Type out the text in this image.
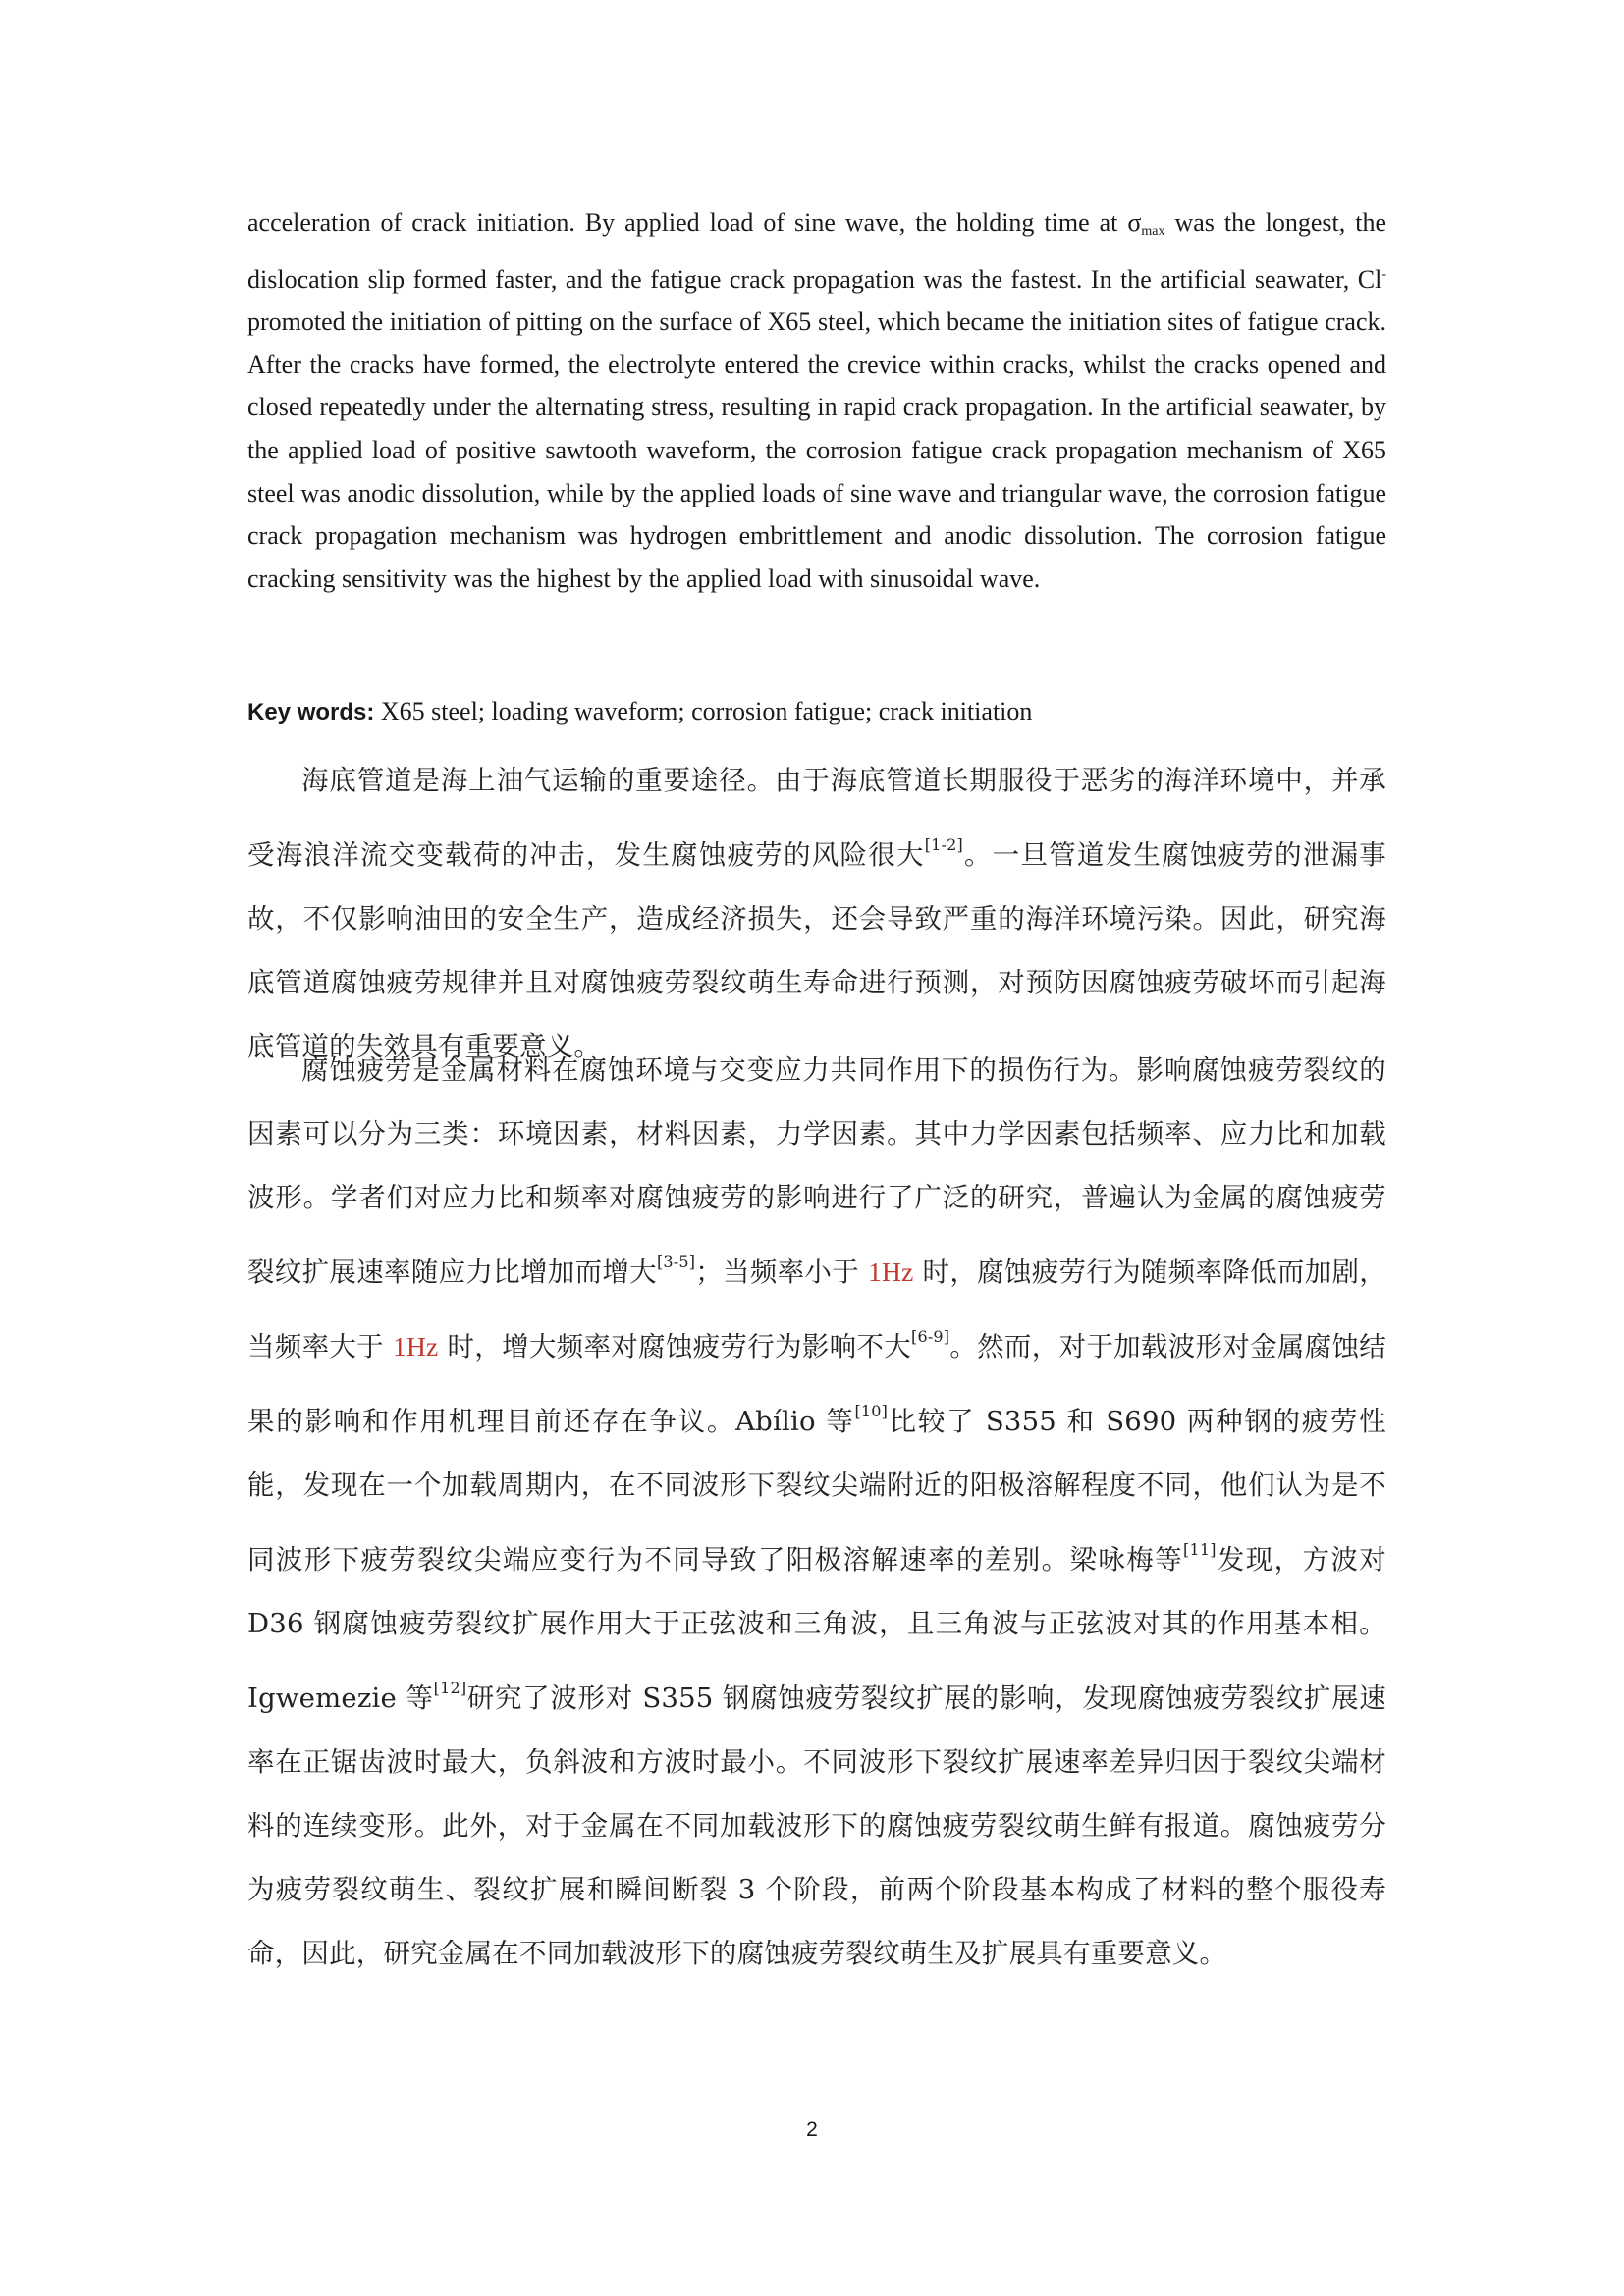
acceleration of crack initiation. By applied load of sine wave, the holding time at $\sigma_{max}$ was the longest, the dislocation slip formed faster, and the fatigue crack propagation was the fastest. In the artificial seawater, Cl- promoted the initiation of pitting on the surface of X65 steel, which became the initiation sites of fatigue crack. After the cracks have formed, the electrolyte entered the crevice within cracks, whilst the cracks opened and closed repeatedly under the alternating stress, resulting in rapid crack propagation. In the artificial seawater, by the applied load of positive sawtooth waveform, the corrosion fatigue crack propagation mechanism of X65 steel was anodic dissolution, while by the applied loads of sine wave and triangular wave, the corrosion fatigue crack propagation mechanism was hydrogen embrittlement and anodic dissolution. The corrosion fatigue cracking sensitivity was the highest by the applied load with sinusoidal wave.

Key words: X65 steel; loading waveform; corrosion fatigue; crack initiation

海底管道是海上油气运输的重要途径。由于海底管道长期服役于恶劣的海洋环境中，并承受海浪洋流交变载荷的冲击，发生腐蚀疲劳的风险很大[1-2]。一旦管道发生腐蚀疲劳的泄漏事故，不仅影响油田的安全生产，造成经济损失，还会导致严重的海洋环境污染。因此，研究海底管道腐蚀疲劳规律并且对腐蚀疲劳裂纹萌生寿命进行预测，对预防因腐蚀疲劳破坏而引起海底管道的失效具有重要意义。

腐蚀疲劳是金属材料在腐蚀环境与交变应力共同作用下的损伤行为。影响腐蚀疲劳裂纹的因素可以分为三类：环境因素，材料因素，力学因素。其中力学因素包括频率、应力比和加载波形。学者们对应力比和频率对腐蚀疲劳的影响进行了广泛的研究，普遍认为金属的腐蚀疲劳裂纹扩展速率随应力比增加而增大[3-5]；当频率小于 1Hz 时，腐蚀疲劳行为随频率降低而加剧，当频率大于 1Hz 时，增大频率对腐蚀疲劳行为影响不大[6-9]。然而，对于加载波形对金属腐蚀结果的影响和作用机理目前还存在争议。Abílio 等[10]比较了 S355 和 S690 两种钢的疲劳性能，发现在一个加载周期内，在不同波形下裂纹尖端附近的阳极溶解程度不同，他们认为是不同波形下疲劳裂纹尖端应变行为不同导致了阳极溶解速率的差别。梁咏梅等[11]发现，方波对 D36 钢腐蚀疲劳裂纹扩展作用大于正弦波和三角波，且三角波与正弦波对其的作用基本相。Igwemezie 等[12]研究了波形对 S355 钢腐蚀疲劳裂纹扩展的影响，发现腐蚀疲劳裂纹扩展速率在正锯齿波时最大，负斜波和方波时最小。不同波形下裂纹扩展速率差异归因于裂纹尖端材料的连续变形。此外，对于金属在不同加载波形下的腐蚀疲劳裂纹萌生鲜有报道。腐蚀疲劳分为疲劳裂纹萌生、裂纹扩展和瞬间断裂 3 个阶段，前两个阶段基本构成了材料的整个服役寿命，因此，研究金属在不同加载波形下的腐蚀疲劳裂纹萌生及扩展具有重要意义。

2
